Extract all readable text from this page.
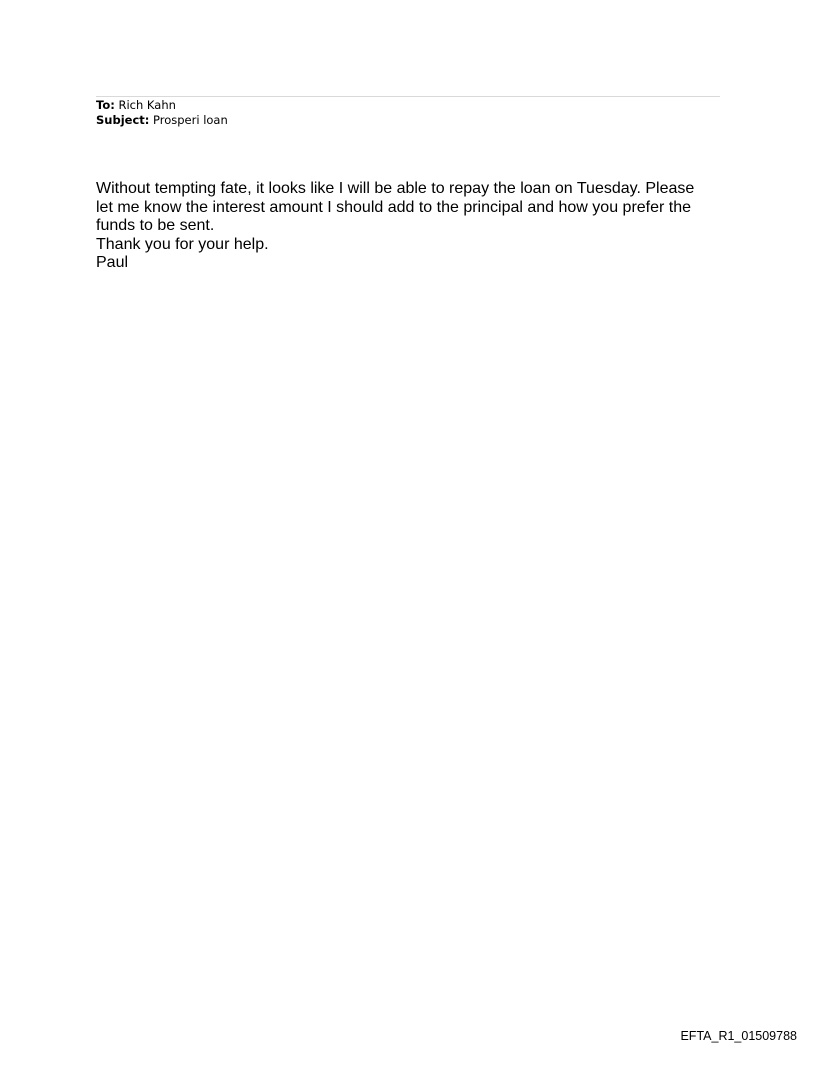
To: Rich Kahn
Subject: Prosperi loan
Without tempting fate, it looks like I will be able to repay the loan on Tuesday. Please
let me know the interest amount I should add to the principal and how you prefer the
funds to be sent.
Thank you for your help.
Paul
EFTA_R1_01509788
